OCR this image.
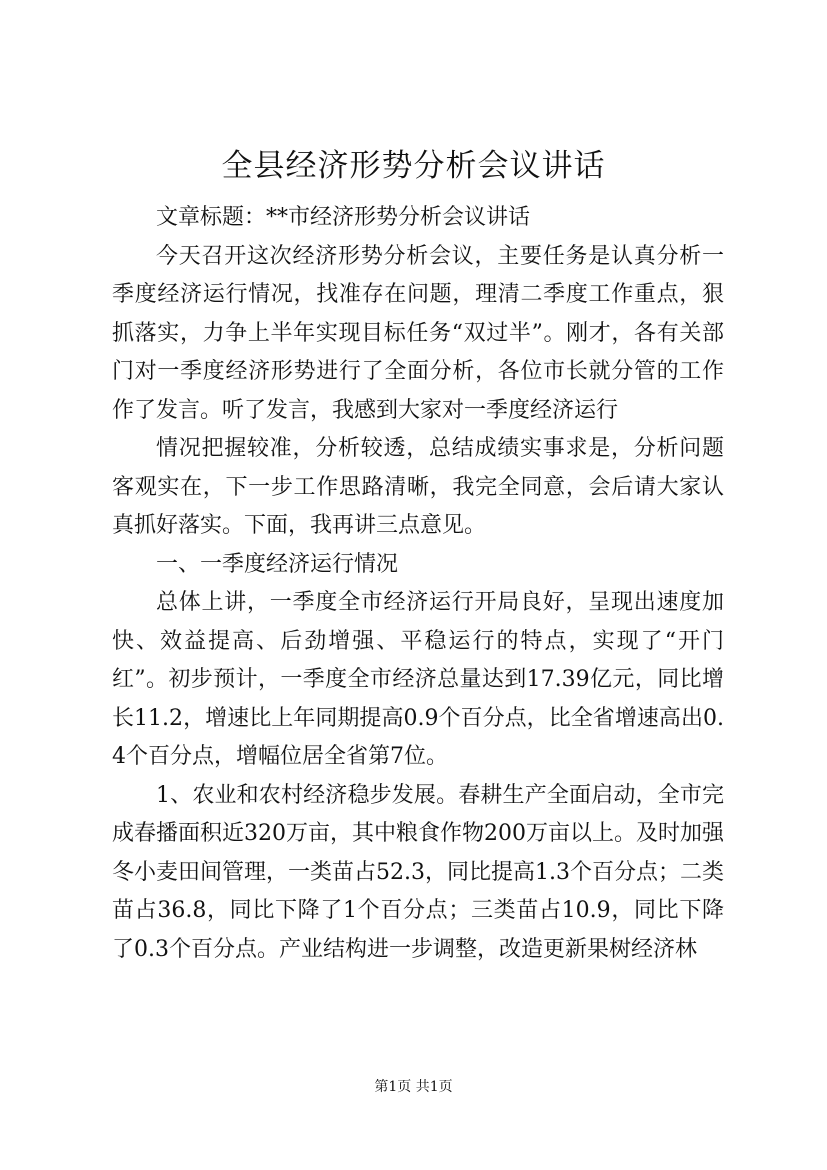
全县经济形势分析会议讲话

文章标题：**市经济形势分析会议讲话

今天召开这次经济形势分析会议，主要任务是认真分析一季度经济运行情况，找准存在问题，理清二季度工作重点，狠抓落实，力争上半年实现目标任务“双过半”。刚才，各有关部门对一季度经济形势进行了全面分析，各位市长就分管的工作作了发言。听了发言，我感到大家对一季度经济运行

情况把握较准，分析较透，总结成绩实事求是，分析问题客观实在，下一步工作思路清晰，我完全同意，会后请大家认真抓好落实。下面，我再讲三点意见。

一、一季度经济运行情况

总体上讲，一季度全市经济运行开局良好，呈现出速度加快、效益提高、后劲增强、平稳运行的特点，实现了“开门红”。初步预计，一季度全市经济总量达到17.39亿元，同比增长11.2，增速比上年同期提高0.9个百分点，比全省增速高出0.4个百分点，增幅位居全省第7位。

1、农业和农村经济稳步发展。春耕生产全面启动，全市完成春播面积近320万亩，其中粮食作物200万亩以上。及时加强冬小麦田间管理，一类苗占52.3，同比提高1.3个百分点；二类苗占36.8，同比下降了1个百分点；三类苗占10.9，同比下降了0.3个百分点。产业结构进一步调整，改造更新果树经济林

第1页 共1页
